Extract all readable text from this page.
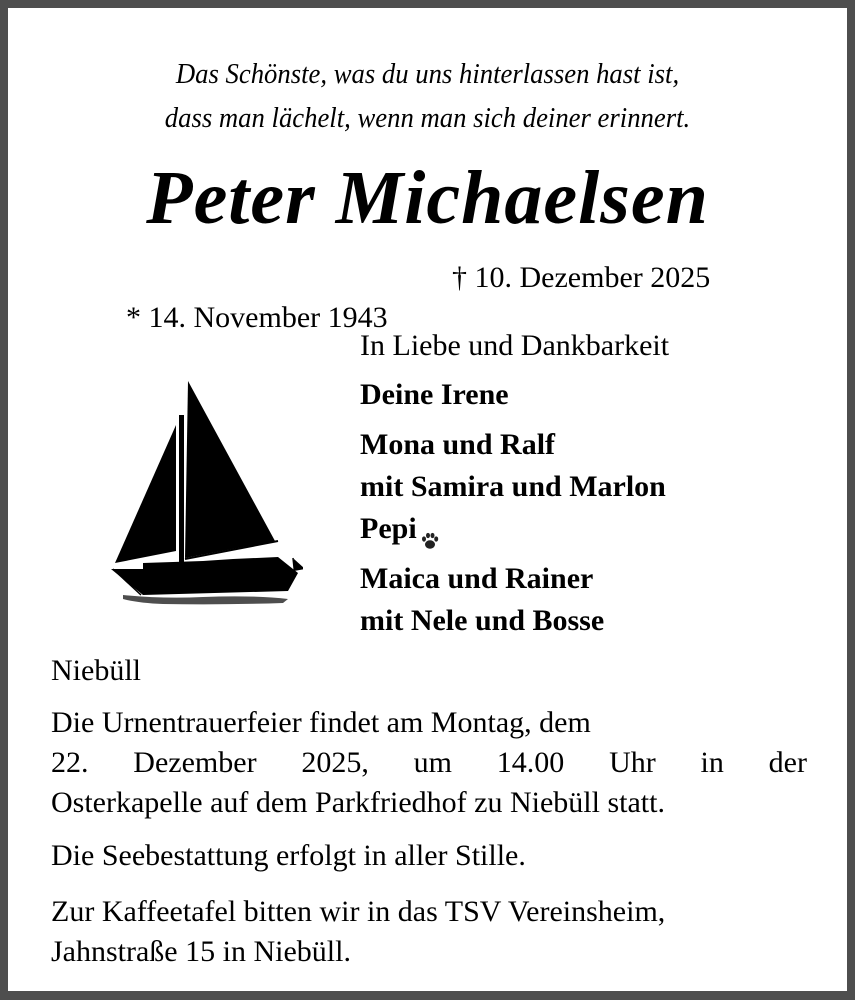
Das Schönste, was du uns hinterlassen hast ist,
dass man lächelt, wenn man sich deiner erinnert.
Peter Michaelsen

* 14. November 1943

† 10. Dezember 2025

In Liebe und Dankbarkeit
Deine Irene
Mona und Ralf
mit Samira und Marlon
Pepi
Maica und Rainer
mit Nele und Bosse
Niebüll
Die Urnentrauerfeier findet am Montag, dem
22. Dezember 2025, um 14.00 Uhr in der
Osterkapelle auf dem Parkfriedhof zu Niebüll statt.
Die Seebestattung erfolgt in aller Stille.
Zur Kaffeetafel bitten wir in das TSV Vereinsheim,
Jahnstraße 15 in Niebüll.
